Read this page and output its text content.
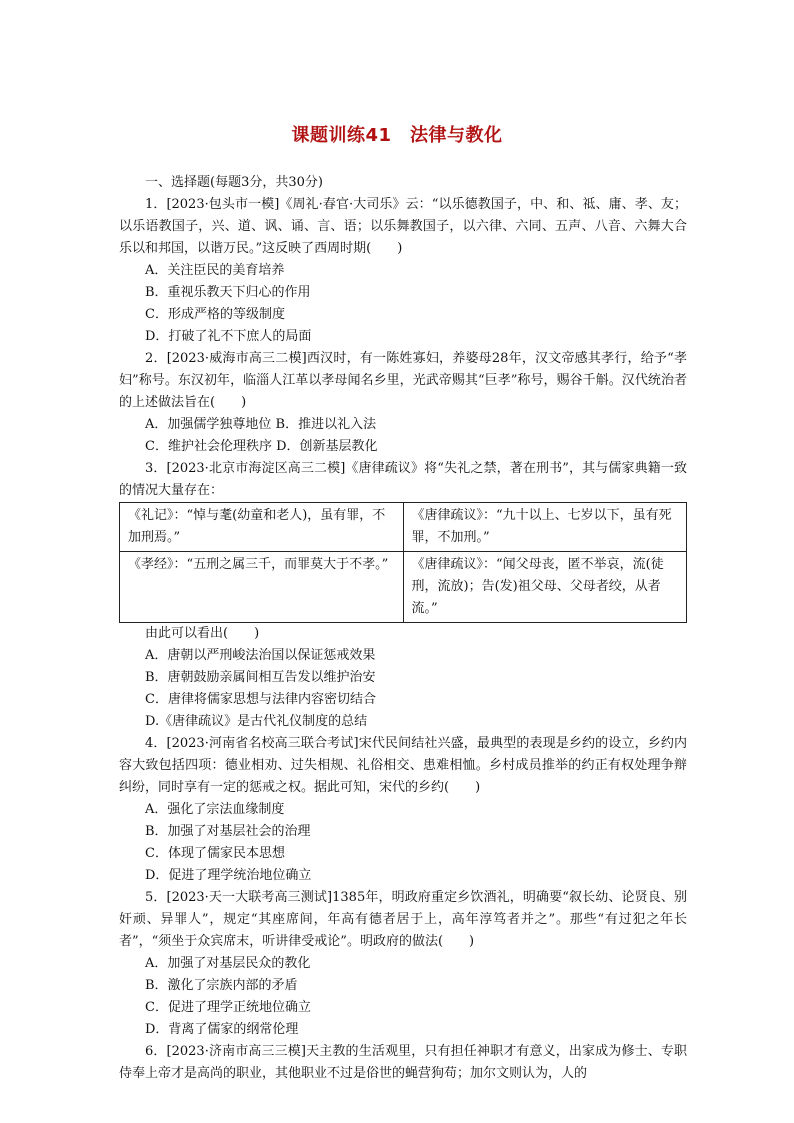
课题训练41　法律与教化

一、选择题(每题3分，共30分)

1．[2023·包头市一模]《周礼·春官·大司乐》云：“以乐德教国子，中、和、祗、庸、孝、友；以乐语教国子，兴、道、讽、诵、言、语；以乐舞教国子，以六律、六同、五声、八音、六舞大合乐以和邦国，以谐万民。”这反映了西周时期(　　)

A．关注臣民的美育培养

B．重视乐教天下归心的作用

C．形成严格的等级制度

D．打破了礼不下庶人的局面

2．[2023·威海市高三二模]西汉时，有一陈姓寡妇，养婆母28年，汉文帝感其孝行，给予“孝妇”称号。东汉初年，临淄人江革以孝母闻名乡里，光武帝赐其“巨孝”称号，赐谷千斛。汉代统治者的上述做法旨在(　　)

A．加强儒学独尊地位 B．推进以礼入法

C．维护社会伦理秩序 D．创新基层教化

3．[2023·北京市海淀区高三二模]《唐律疏议》将“失礼之禁，著在刑书”，其与儒家典籍一致的情况大量存在：

《礼记》：“悼与耄(幼童和老人)，虽有罪，不加刑焉。”	《唐律疏议》：“九十以上、七岁以下，虽有死罪，不加刑。”
《孝经》：“五刑之属三千，而罪莫大于不孝。”	《唐律疏议》：“闻父母丧，匿不举哀，流(徒刑，流放)；告(发)祖父母、父母者绞，从者流。”

由此可以看出(　　)

A．唐朝以严刑峻法治国以保证惩戒效果

B．唐朝鼓励亲属间相互告发以维护治安

C．唐律将儒家思想与法律内容密切结合

D.《唐律疏议》是古代礼仪制度的总结

4．[2023·河南省名校高三联合考试]宋代民间结社兴盛，最典型的表现是乡约的设立，乡约内容大致包括四项：德业相劝、过失相规、礼俗相交、患难相恤。乡村成员推举的约正有权处理争辩纠纷，同时享有一定的惩戒之权。据此可知，宋代的乡约(　　)

A．强化了宗法血缘制度

B．加强了对基层社会的治理

C．体现了儒家民本思想

D．促进了理学统治地位确立

5．[2023·天一大联考高三测试]1385年，明政府重定乡饮酒礼，明确要“叙长幼、论贤良、别奸顽、异罪人”，规定“其座席间，年高有德者居于上，高年淳笃者并之”。那些“有过犯之年长者”，“须坐于众宾席末，听讲律受戒论”。明政府的做法(　　)

A．加强了对基层民众的教化

B．激化了宗族内部的矛盾

C．促进了理学正统地位确立

D．背离了儒家的纲常伦理

6．[2023·济南市高三三模]天主教的生活观里，只有担任神职才有意义，出家成为修士、专职侍奉上帝才是高尚的职业，其他职业不过是俗世的蝇营狗苟；加尔文则认为，人的
